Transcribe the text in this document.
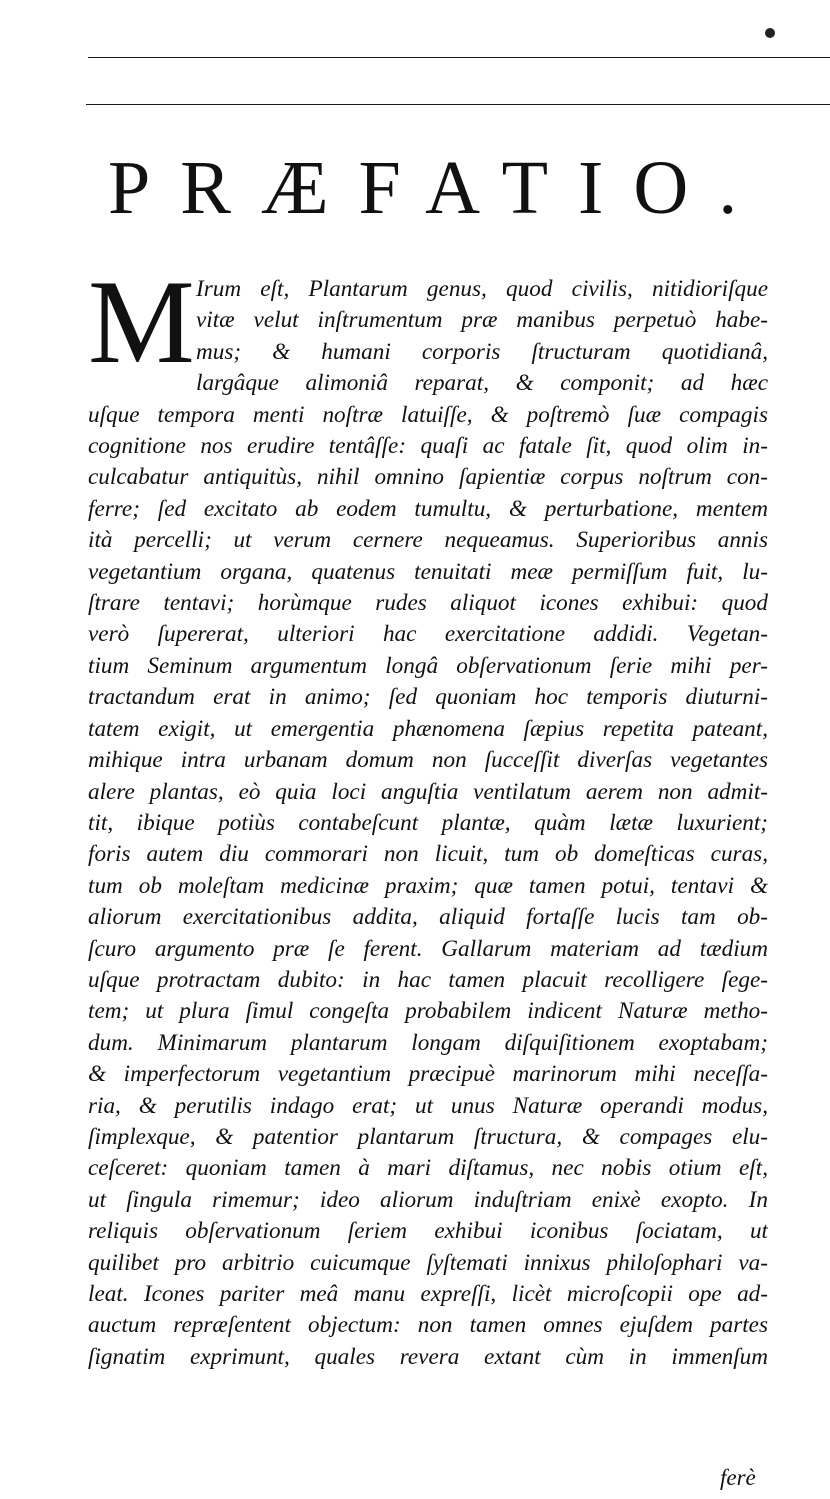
PRÆFATIO.
M Irum eſt, Plantarum genus, quod civilis, nitidioriſque
vitæ velut inſtrumentum præ manibus perpetuò habe-
mus; & humani corporis ſtructuram quotidianâ,
largâque alimoniâ reparat, & componit; ad hæc
uſque tempora menti noſtræ latuiſſe, & poſtremò ſuæ compagis
cognitione nos erudire tentâſſe: quaſi ac fatale ſit, quod olim in-
culcabatur antiquitùs, nihil omnino ſapientiæ corpus noſtrum con-
ferre; ſed excitato ab eodem tumultu, & perturbatione, mentem
ità percelli; ut verum cernere nequeamus. Superioribus annis
vegetantium organa, quatenus tenuitati meæ permiſſum fuit, lu-
ſtrare tentavi; horùmque rudes aliquot icones exhibui: quod
verò ſupererat, ulteriori hac exercitatione addidi. Vegetan-
tium Seminum argumentum longâ obſervationum ſerie mihi per-
tractandum erat in animo; ſed quoniam hoc temporis diuturni-
tatem exigit, ut emergentia phænomena ſæpius repetita pateant,
mihique intra urbanam domum non ſucceſſit diverſas vegetantes
alere plantas, eò quia loci anguſtia ventilatum aerem non admit-
tit, ibique potiùs contabeſcunt plantæ, quàm lætæ luxurient;
foris autem diu commorari non licuit, tum ob domeſticas curas,
tum ob moleſtam medicinæ praxim; quæ tamen potui, tentavi &
aliorum exercitationibus addita, aliquid fortaſſe lucis tam ob-
ſcuro argumento præ ſe ferent. Gallarum materiam ad tædium
uſque protractam dubito: in hac tamen placuit recolligere ſege-
tem; ut plura ſimul congeſta probabilem indicent Naturæ metho-
dum. Minimarum plantarum longam diſquiſitionem exoptabam;
& imperfectorum vegetantium præcipuè marinorum mihi neceſſa-
ria, & perutilis indago erat; ut unus Naturæ operandi modus,
ſimplexque, & patentior plantarum ſtructura, & compages elu-
ceſceret: quoniam tamen à mari diſtamus, nec nobis otium eſt,
ut ſingula rimemur; ideo aliorum induſtriam enixè exopto. In
reliquis obſervationum ſeriem exhibui iconibus ſociatam, ut
quilibet pro arbitrio cuicumque ſyſtemati innixus philoſophari va-
leat. Icones pariter meâ manu expreſſi, licèt microſcopii ope ad-
auctum repræſentent objectum: non tamen omnes ejuſdem partes
ſignatim exprimunt, quales revera extant cùm in immenſum
ferè
